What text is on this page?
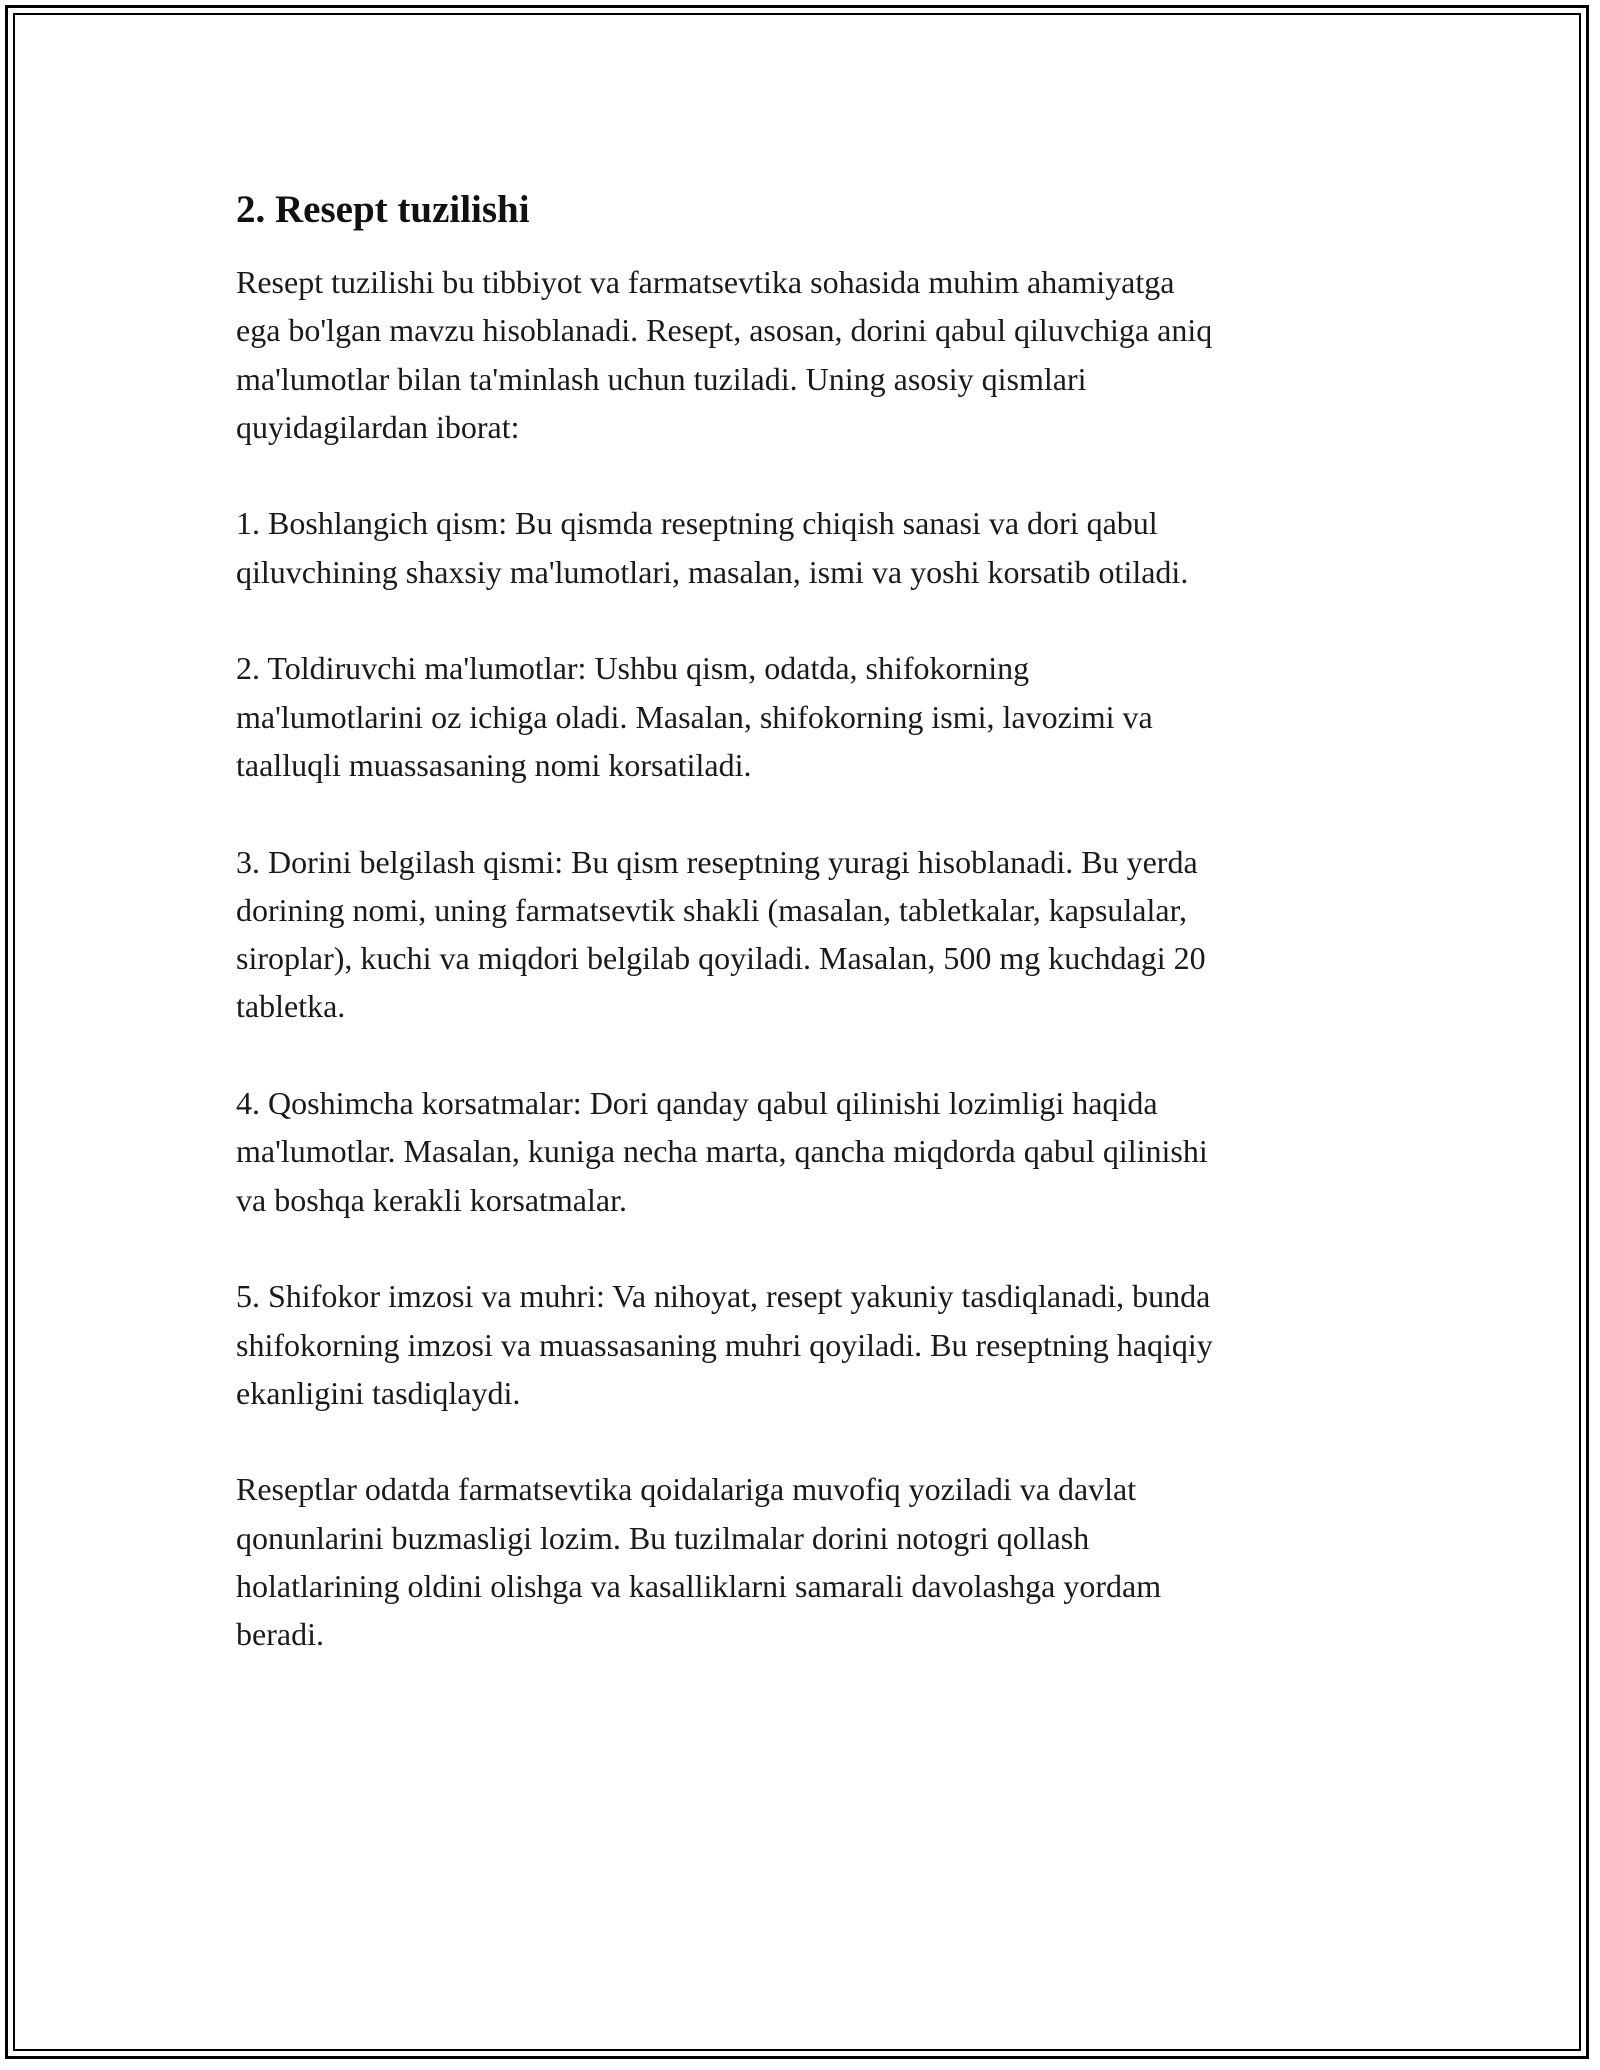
2. Resept tuzilishi

Resept tuzilishi bu tibbiyot va farmatsevtika sohasida muhim ahamiyatga
ega bo'lgan mavzu hisoblanadi. Resept, asosan, dorini qabul qiluvchiga aniq
ma'lumotlar bilan ta'minlash uchun tuziladi. Uning asosiy qismlari
quyidagilardan iborat:

1. Boshlangich qism: Bu qismda reseptning chiqish sanasi va dori qabul
qiluvchining shaxsiy ma'lumotlari, masalan, ismi va yoshi korsatib otiladi.

2. Toldiruvchi ma'lumotlar: Ushbu qism, odatda, shifokorning
ma'lumotlarini oz ichiga oladi. Masalan, shifokorning ismi, lavozimi va
taalluqli muassasaning nomi korsatiladi.

3. Dorini belgilash qismi: Bu qism reseptning yuragi hisoblanadi. Bu yerda
dorining nomi, uning farmatsevtik shakli (masalan, tabletkalar, kapsulalar,
siroplar), kuchi va miqdori belgilab qoyiladi. Masalan, 500 mg kuchdagi 20
tabletka.

4. Qoshimcha korsatmalar: Dori qanday qabul qilinishi lozimligi haqida
ma'lumotlar. Masalan, kuniga necha marta, qancha miqdorda qabul qilinishi
va boshqa kerakli korsatmalar.

5. Shifokor imzosi va muhri: Va nihoyat, resept yakuniy tasdiqlanadi, bunda
shifokorning imzosi va muassasaning muhri qoyiladi. Bu reseptning haqiqiy
ekanligini tasdiqlaydi.

Reseptlar odatda farmatsevtika qoidalariga muvofiq yoziladi va davlat
qonunlarini buzmasligi lozim. Bu tuzilmalar dorini notogri qollash
holatlarining oldini olishga va kasalliklarni samarali davolashga yordam
beradi.
